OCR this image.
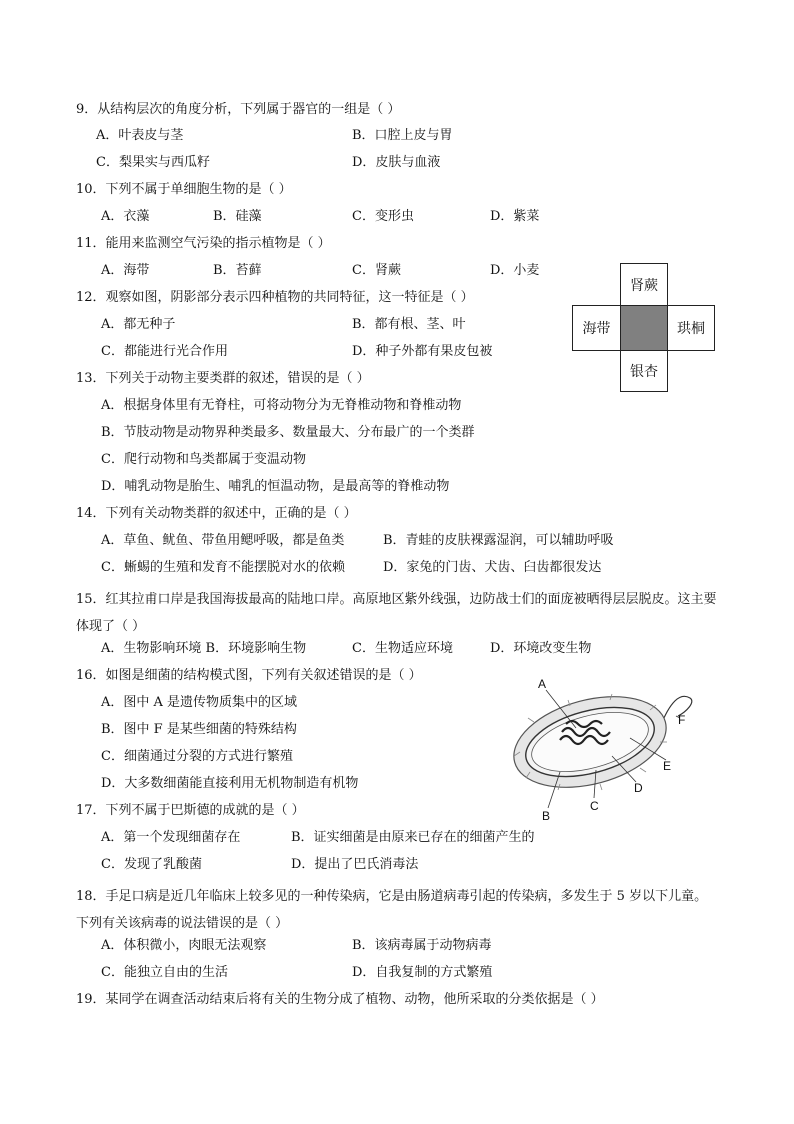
9．从结构层次的角度分析，下列属于器官的一组是（ ）
A．叶表皮与茎	B．口腔上皮与胃
C．梨果实与西瓜籽	D．皮肤与血液
10．下列不属于单细胞生物的是（ ）
A．衣藻	B．硅藻	C．变形虫	D．紫菜
11．能用来监测空气污染的指示植物是（ ）
A．海带	B．苔藓	C．肾蕨	D．小麦
12．观察如图，阴影部分表示四种植物的共同特征，这一特征是（ ）
A．都无种子	B．都有根、茎、叶
C．都能进行光合作用	D．种子外都有果皮包被
肾蕨
海带	珙桐
银杏
13．下列关于动物主要类群的叙述，错误的是（ ）
A．根据身体里有无脊柱，可将动物分为无脊椎动物和脊椎动物
B．节肢动物是动物界种类最多、数量最大、分布最广的一个类群
C．爬行动物和鸟类都属于变温动物
D．哺乳动物是胎生、哺乳的恒温动物，是最高等的脊椎动物
14．下列有关动物类群的叙述中，正确的是（ ）
A．草鱼、鱿鱼、带鱼用鳃呼吸，都是鱼类	B．青蛙的皮肤裸露湿润，可以辅助呼吸
C．蜥蜴的生殖和发育不能摆脱对水的依赖	D．家兔的门齿、犬齿、臼齿都很发达
15．红其拉甫口岸是我国海拔最高的陆地口岸。高原地区紫外线强，边防战士们的面庞被晒得层层脱皮。这主要体现了（ ）
A．生物影响环境 B．环境影响生物	C．生物适应环境	D．环境改变生物
16．如图是细菌的结构模式图，下列有关叙述错误的是（ ）
A．图中 A 是遗传物质集中的区域
B．图中 F 是某些细菌的特殊结构
C．细菌通过分裂的方式进行繁殖
D．大多数细菌能直接利用无机物制造有机物
A
F
E
D
C
B
17．下列不属于巴斯德的成就的是（ ）
A．第一个发现细菌存在	B．证实细菌是由原来已存在的细菌产生的
C．发现了乳酸菌	D．提出了巴氏消毒法
18．手足口病是近几年临床上较多见的一种传染病，它是由肠道病毒引起的传染病，多发生于 5 岁以下儿童。下列有关该病毒的说法错误的是（ ）
A．体积微小，肉眼无法观察	B．该病毒属于动物病毒
C．能独立自由的生活	D．自我复制的方式繁殖
19．某同学在调查活动结束后将有关的生物分成了植物、动物，他所采取的分类依据是（ ）
